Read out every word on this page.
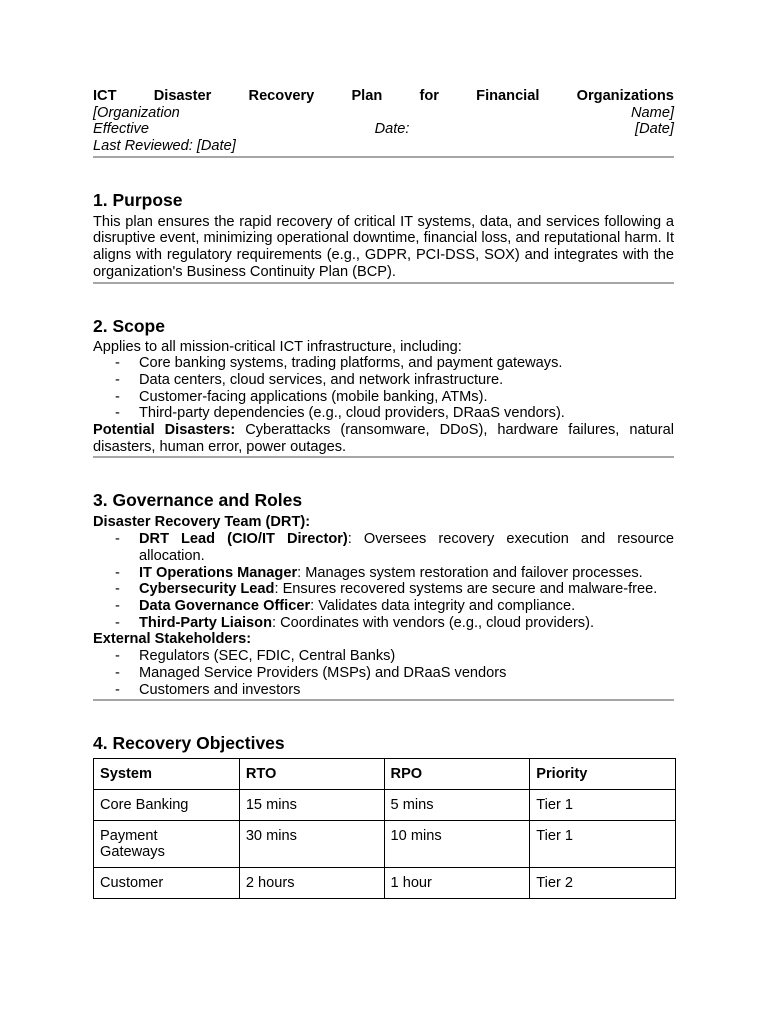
ICT	Disaster	Recovery	Plan	for	Financial	Organizations
[Organization	Name]
Effective	Date:	[Date]
Last Reviewed: [Date]
1. Purpose

This plan ensures the rapid recovery of critical IT systems, data, and services following a disruptive event, minimizing operational downtime, financial loss, and reputational harm. It aligns with regulatory requirements (e.g., GDPR, PCI-DSS, SOX) and integrates with the organization's Business Continuity Plan (BCP).

2. Scope

Applies to all mission-critical ICT infrastructure, including:

- Core banking systems, trading platforms, and payment gateways.
- Data centers, cloud services, and network infrastructure.
- Customer-facing applications (mobile banking, ATMs).
- Third-party dependencies (e.g., cloud providers, DRaaS vendors).

Potential Disasters: Cyberattacks (ransomware, DDoS), hardware failures, natural disasters, human error, power outages.

3. Governance and Roles

Disaster Recovery Team (DRT):

- DRT Lead (CIO/IT Director): Oversees recovery execution and resource allocation.
- IT Operations Manager: Manages system restoration and failover processes.
- Cybersecurity Lead: Ensures recovered systems are secure and malware-free.
- Data Governance Officer: Validates data integrity and compliance.
- Third-Party Liaison: Coordinates with vendors (e.g., cloud providers).

External Stakeholders:

- Regulators (SEC, FDIC, Central Banks)
- Managed Service Providers (MSPs) and DRaaS vendors
- Customers and investors
4. Recovery Objectives
System	RTO	RPO	Priority
Core Banking	15 mins	5 mins	Tier 1
Payment Gateways	30 mins	10 mins	Tier 1
Customer	2 hours	1 hour	Tier 2
